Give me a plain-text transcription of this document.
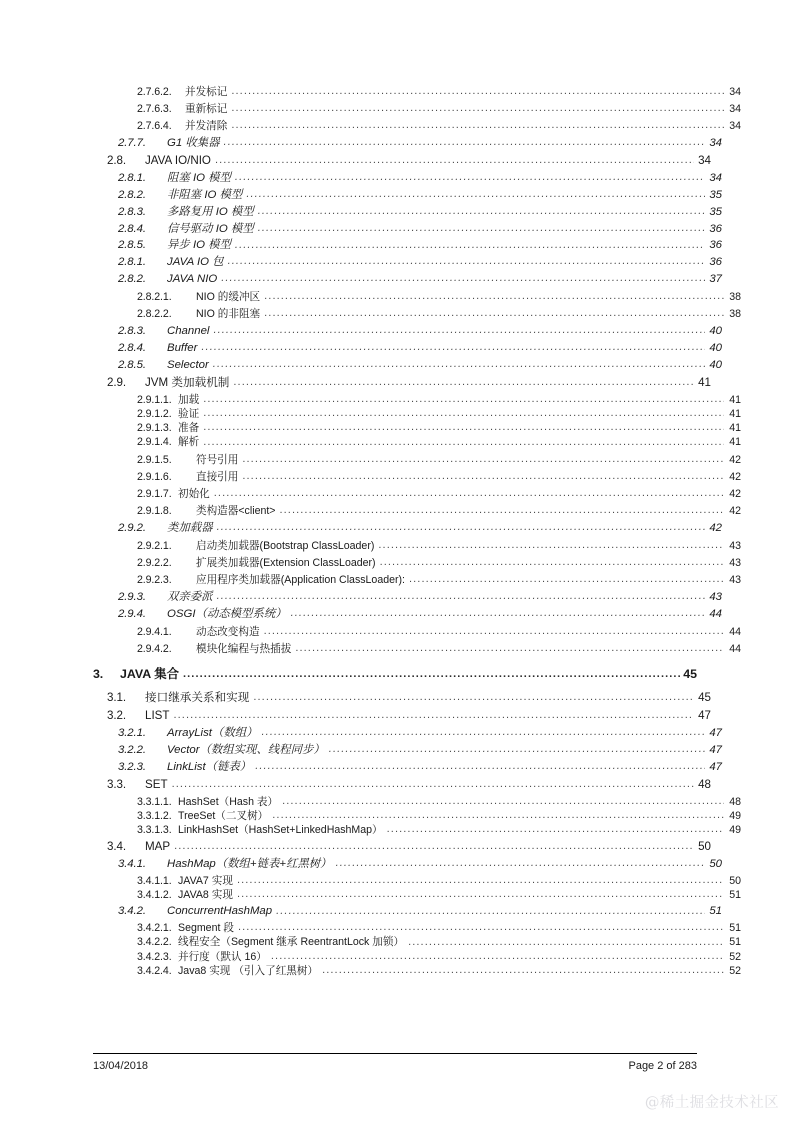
2.7.6.2.	并发标记 .....	34
2.7.6.3.	重新标记 .....	34
2.7.6.4.	并发清除 .....	34
2.7.7.	G1 收集器 .....	34
2.8.	JAVA IO/NIO .....	34
2.8.1.	阻塞 IO 模型 .....	34
2.8.2.	非阻塞 IO 模型 .....	35
2.8.3.	多路复用 IO 模型 .....	35
2.8.4.	信号驱动 IO 模型 .....	36
2.8.5.	异步 IO 模型 .....	36
2.8.1.	JAVA IO 包 .....	36
2.8.2.	JAVA NIO .....	37
2.8.2.1.	NIO 的缓冲区 .....	38
2.8.2.2.	NIO 的非阻塞 .....	38
2.8.3.	Channel .....	40
2.8.4.	Buffer .....	40
2.8.5.	Selector .....	40
2.9.	JVM 类加载机制 .....	41
2.9.1.1. 加载 .....	41
2.9.1.2. 验证 .....	41
2.9.1.3. 准备 .....	41
2.9.1.4. 解析 .....	41
2.9.1.5.	符号引用 .....	42
2.9.1.6.	直接引用 .....	42
2.9.1.7. 初始化 .....	42
2.9.1.8.	类构造器<client> .....	42
2.9.2.	类加载器 .....	42
2.9.2.1.	启动类加载器(Bootstrap ClassLoader) .....	43
2.9.2.2.	扩展类加载器(Extension ClassLoader) .....	43
2.9.2.3.	应用程序类加载器(Application ClassLoader): .....	43
2.9.3.	双亲委派 .....	43
2.9.4.	OSGI（动态模型系统） .....	44
2.9.4.1.	动态改变构造 .....	44
2.9.4.2.	模块化编程与热插拔 .....	44
3.	JAVA 集合 .....	45
3.1.	接口继承关系和实现 .....	45
3.2.	LIST .....	47
3.2.1.	ArrayList（数组） .....	47
3.2.2.	Vector（数组实现、线程同步） .....	47
3.2.3.	LinkList（链表） .....	47
3.3.	SET .....	48
3.3.1.1. HashSet（Hash 表） .....	48
3.3.1.2. TreeSet（二叉树） .....	49
3.3.1.3. LinkHashSet（HashSet+LinkedHashMap） .....	49
3.4.	MAP .....	50
3.4.1.	HashMap（数组+链表+红黑树） .....	50
3.4.1.1. JAVA7 实现 .....	50
3.4.1.2. JAVA8 实现 .....	51
3.4.2.	ConcurrentHashMap .....	51
3.4.2.1. Segment 段 .....	51
3.4.2.2. 线程安全（Segment 继承 ReentrantLock 加锁） .....	51
3.4.2.3. 并行度（默认 16） .....	52
3.4.2.4. Java8 实现 （引入了红黑树） .....	52
13/04/2018	Page 2 of 283
@稀土掘金技术社区
